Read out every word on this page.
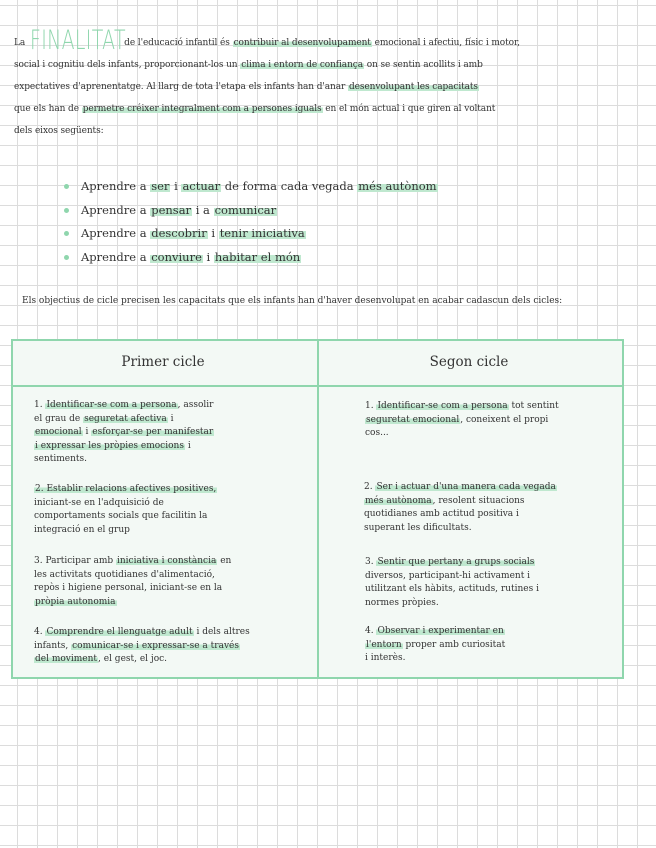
La FINALITATde l'educació infantil és contribuir al desenvolupament emocional i afectiu, físic i motor,
social i cognitiu dels infants, proporcionant-los un clima i entorn de confiança on se sentin acollits i amb
expectatives d'aprenentatge. Al llarg de tota l'etapa els infants han d'anar desenvolupant les capacitats
que els han de permetre créixer integralment com a persones iguals en el món actual i que giren al voltant
dels eixos següents:
Aprendre a ser i actuar de forma cada vegada més autònom
Aprendre a pensar i a comunicar
Aprendre a descobrir i tenir iniciativa
Aprendre a conviure i habitar el món
Els objectius de cicle precisen les capacitats que els infants han d'haver desenvolupat en acabar cadascun dels cicles:
Primer cicle	Segon cicle
1. Identificar-se com a persona, assolir
el grau de seguretat afectiva i
emocional i esforçar-se per manifestar
i expressar les pròpies emocions i
sentiments.
2. Establir relacions afectives positives,
iniciant-se en l'adquisició de
comportaments socials que facilitin la
integració en el grup
3. Participar amb iniciativa i constància en
les activitats quotidianes d'alimentació,
repòs i higiene personal, iniciant-se en la
pròpia autonomia
4. Comprendre el llenguatge adult i dels altres
infants, comunicar-se i expressar-se a través
del moviment, el gest, el joc.
1. Identificar-se com a persona tot sentint
seguretat emocional, coneixent el propi
cos...
2. Ser i actuar d'una manera cada vegada
més autònoma, resolent situacions
quotidianes amb actitud positiva i
superant les dificultats.
3. Sentir que pertany a grups socials
diversos, participant-hi activament i
utilitzant els hàbits, actituds, rutines i
normes pròpies.
4. Observar i experimentar en
l'entorn proper amb curiositat
i interès.
